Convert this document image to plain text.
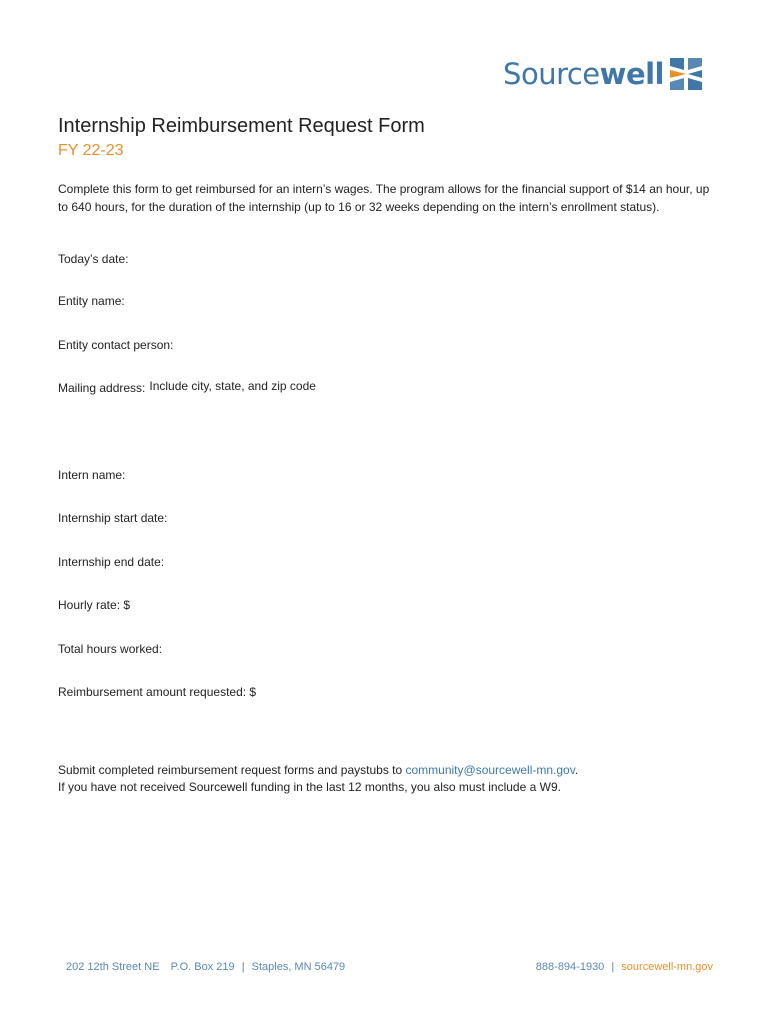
Sourcewell
Internship Reimbursement Request Form
FY 22-23
Complete this form to get reimbursed for an intern’s wages. The program allows for the financial support of $14 an hour, up to 640 hours, for the duration of the internship (up to 16 or 32 weeks depending on the intern’s enrollment status).
Today’s date:
Entity name:
Entity contact person:
Mailing address: Include city, state, and zip code
Intern name:
Internship start date:
Internship end date:
Hourly rate: $
Total hours worked:
Reimbursement amount requested: $
Submit completed reimbursement request forms and paystubs to community@sourcewell-mn.gov.
If you have not received Sourcewell funding in the last 12 months, you also must include a W9.
202 12th Street NE P.O. Box 219 | Staples, MN 56479	888-894-1930 | sourcewell-mn.gov
